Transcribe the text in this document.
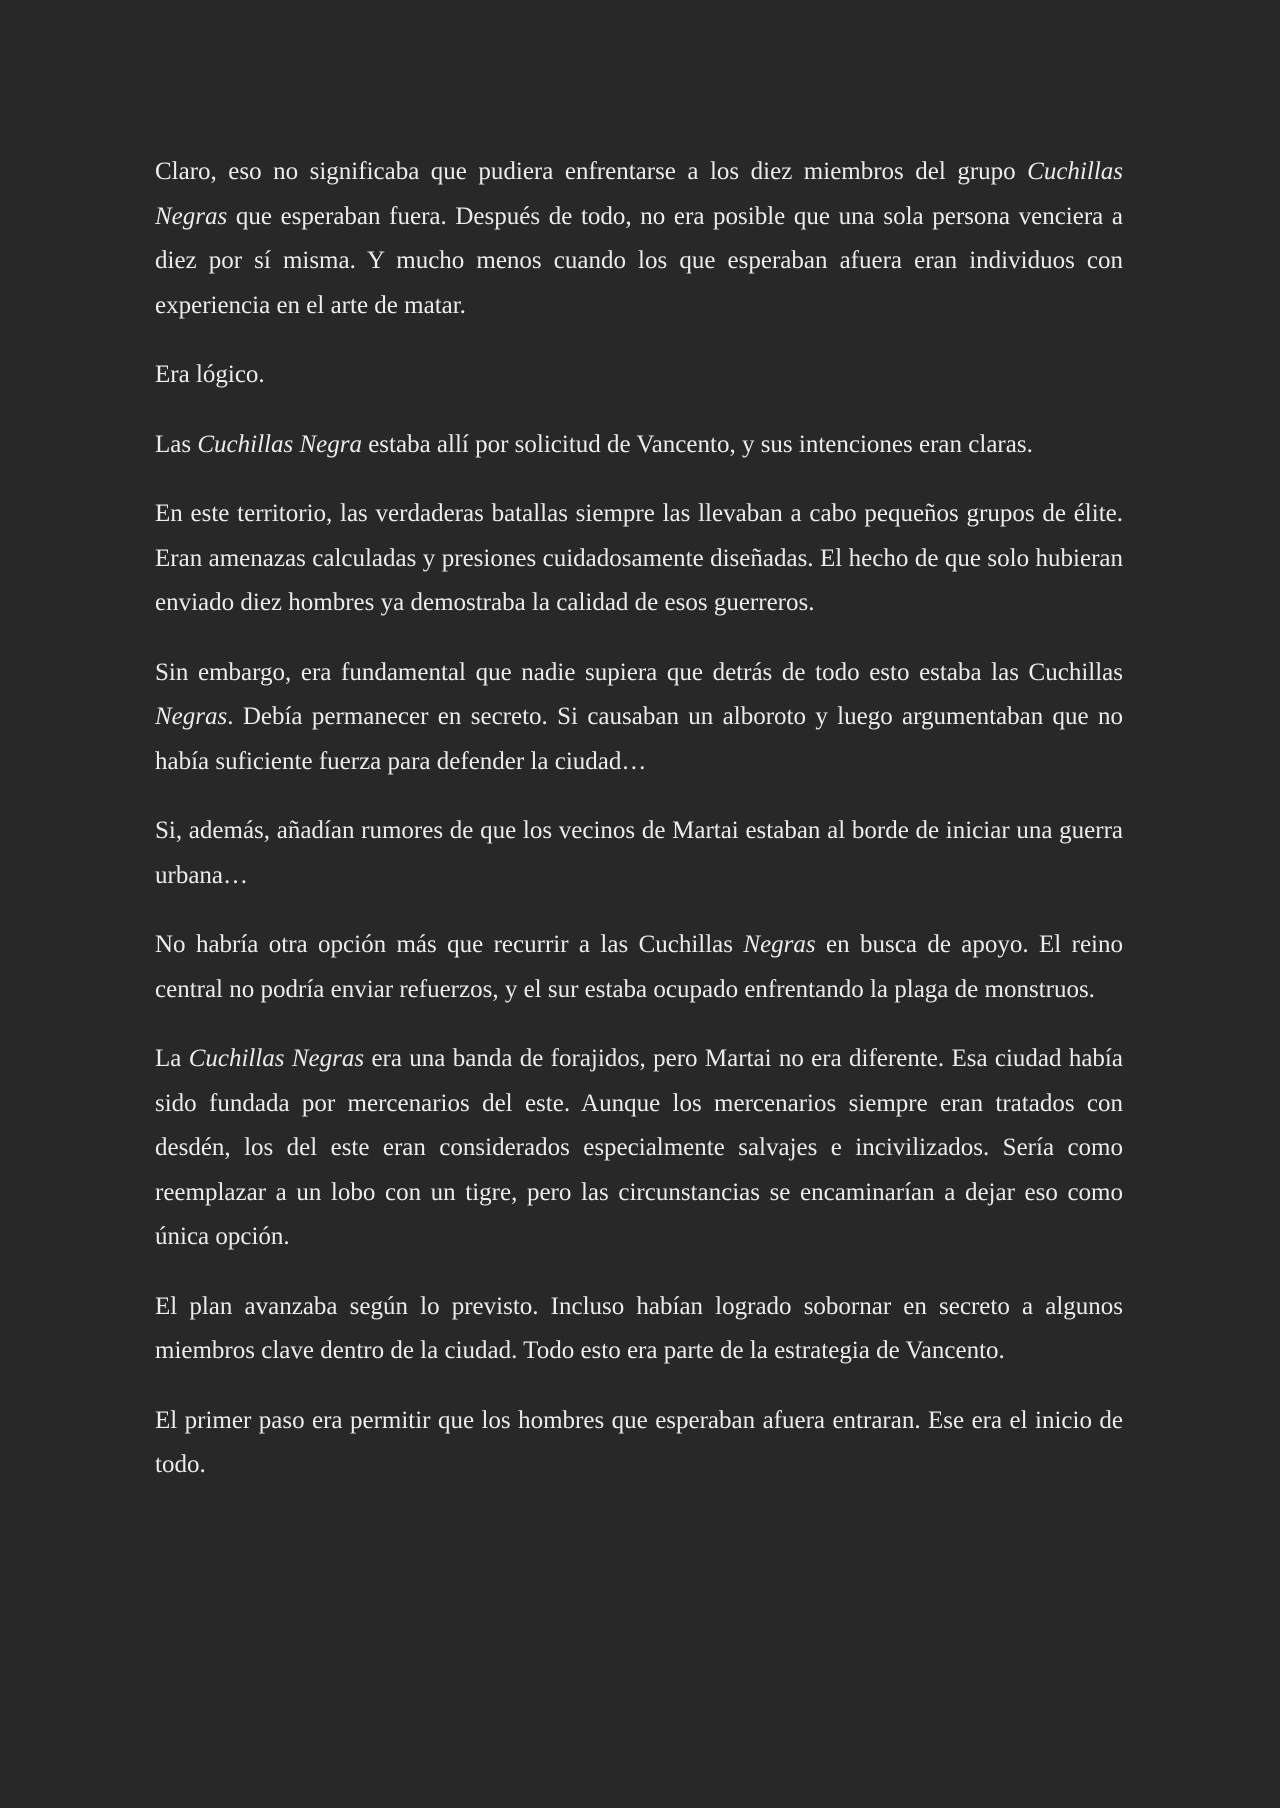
Claro, eso no significaba que pudiera enfrentarse a los diez miembros del grupo Cuchillas Negras que esperaban fuera. Después de todo, no era posible que una sola persona venciera a diez por sí misma. Y mucho menos cuando los que esperaban afuera eran individuos con experiencia en el arte de matar.

Era lógico.

Las Cuchillas Negra estaba allí por solicitud de Vancento, y sus intenciones eran claras.

En este territorio, las verdaderas batallas siempre las llevaban a cabo pequeños grupos de élite. Eran amenazas calculadas y presiones cuidadosamente diseñadas. El hecho de que solo hubieran enviado diez hombres ya demostraba la calidad de esos guerreros.

Sin embargo, era fundamental que nadie supiera que detrás de todo esto estaba las Cuchillas Negras. Debía permanecer en secreto. Si causaban un alboroto y luego argumentaban que no había suficiente fuerza para defender la ciudad…

Si, además, añadían rumores de que los vecinos de Martai estaban al borde de iniciar una guerra urbana…

No habría otra opción más que recurrir a las Cuchillas Negras en busca de apoyo. El reino central no podría enviar refuerzos, y el sur estaba ocupado enfrentando la plaga de monstruos.

La Cuchillas Negras era una banda de forajidos, pero Martai no era diferente. Esa ciudad había sido fundada por mercenarios del este. Aunque los mercenarios siempre eran tratados con desdén, los del este eran considerados especialmente salvajes e incivilizados. Sería como reemplazar a un lobo con un tigre, pero las circunstancias se encaminarían a dejar eso como única opción.

El plan avanzaba según lo previsto. Incluso habían logrado sobornar en secreto a algunos miembros clave dentro de la ciudad. Todo esto era parte de la estrategia de Vancento.

El primer paso era permitir que los hombres que esperaban afuera entraran. Ese era el inicio de todo.
